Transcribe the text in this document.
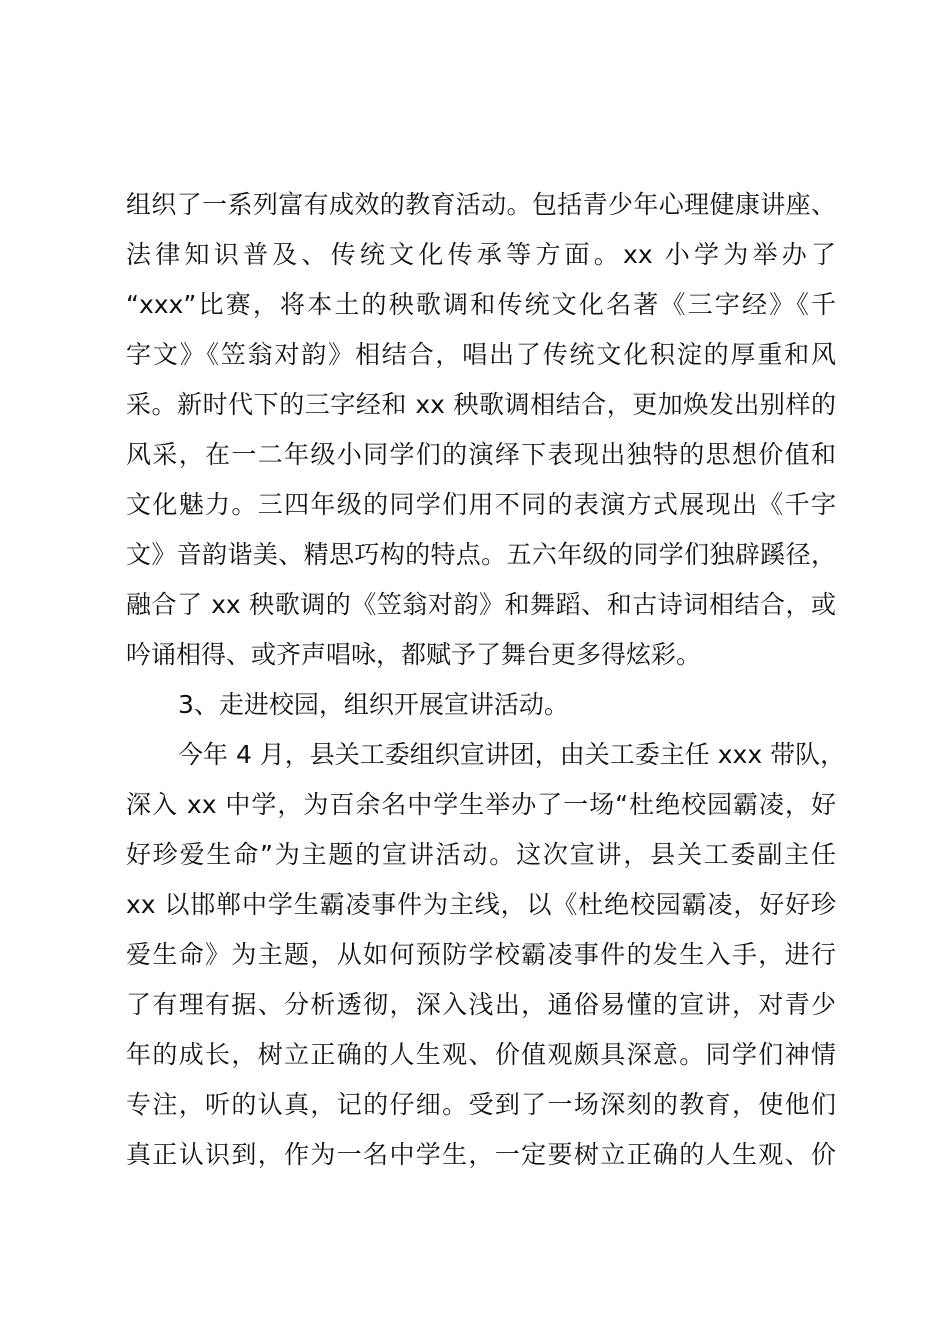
组织了一系列富有成效的教育活动。包括青少年心理健康讲座、
法律知识普及、传统文化传承等方面。xx 小学为举办了
“xxx”比赛，将本土的秧歌调和传统文化名著《三字经》《千
字文》《笠翁对韵》相结合，唱出了传统文化积淀的厚重和风
采。新时代下的三字经和 xx 秧歌调相结合，更加焕发出别样的
风采，在一二年级小同学们的演绎下表现出独特的思想价值和
文化魅力。三四年级的同学们用不同的表演方式展现出《千字
文》音韵谐美、精思巧构的特点。五六年级的同学们独辟蹊径，
融合了 xx 秧歌调的《笠翁对韵》和舞蹈、和古诗词相结合，或
吟诵相得、或齐声唱咏，都赋予了舞台更多得炫彩。
3、走进校园，组织开展宣讲活动。
今年 4 月，县关工委组织宣讲团，由关工委主任 xxx 带队，
深入 xx 中学，为百余名中学生举办了一场“杜绝校园霸凌，好
好珍爱生命”为主题的宣讲活动。这次宣讲，县关工委副主任
xx 以邯郸中学生霸凌事件为主线，以《杜绝校园霸凌，好好珍
爱生命》为主题，从如何预防学校霸凌事件的发生入手，进行
了有理有据、分析透彻，深入浅出，通俗易懂的宣讲，对青少
年的成长，树立正确的人生观、价值观颇具深意。同学们神情
专注，听的认真，记的仔细。受到了一场深刻的教育，使他们
真正认识到，作为一名中学生，一定要树立正确的人生观、价
